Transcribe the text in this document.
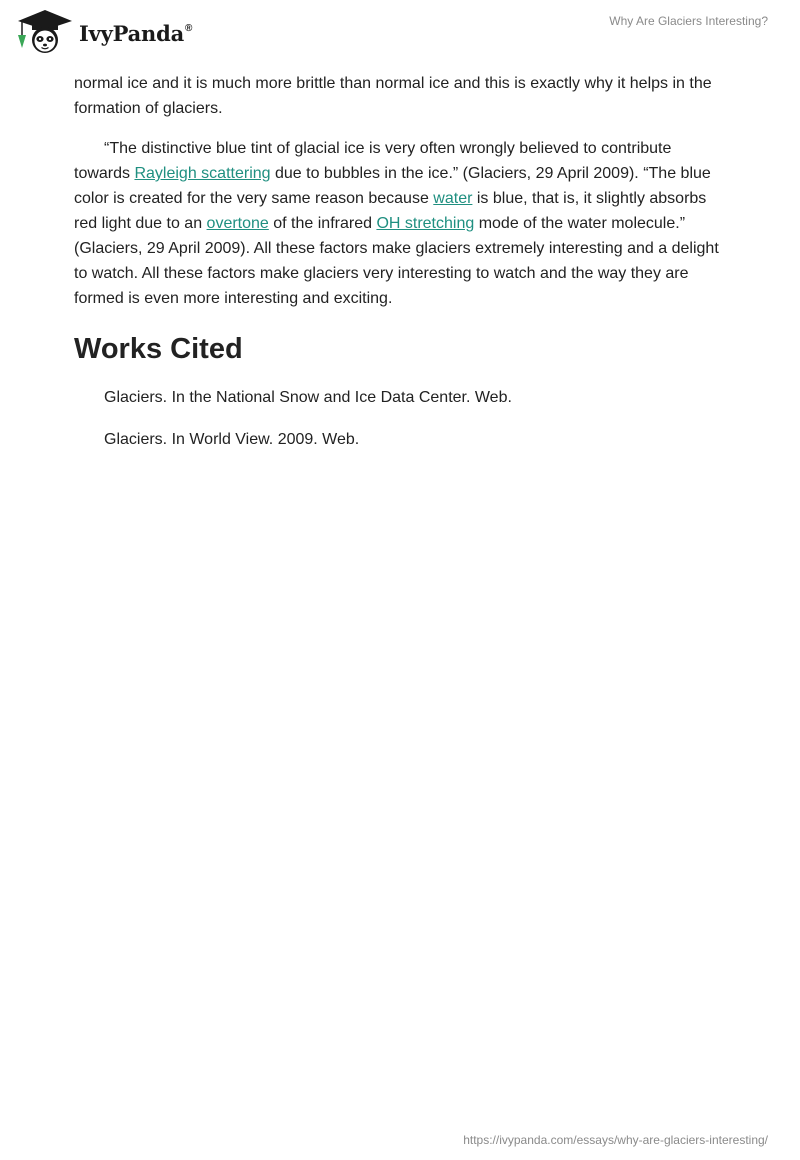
IvyPanda®	Why Are Glaciers Interesting?

normal ice and it is much more brittle than normal ice and this is exactly why it helps in the formation of glaciers.

“The distinctive blue tint of glacial ice is very often wrongly believed to contribute towards Rayleigh scattering due to bubbles in the ice.” (Glaciers, 29 April 2009). “The blue color is created for the very same reason because water is blue, that is, it slightly absorbs red light due to an overtone of the infrared OH stretching mode of the water molecule.” (Glaciers, 29 April 2009). All these factors make glaciers extremely interesting and a delight to watch. All these factors make glaciers very interesting to watch and the way they are formed is even more interesting and exciting.

Works Cited
Glaciers. In the National Snow and Ice Data Center. Web.
Glaciers. In World View. 2009. Web.
https://ivypanda.com/essays/why-are-glaciers-interesting/
